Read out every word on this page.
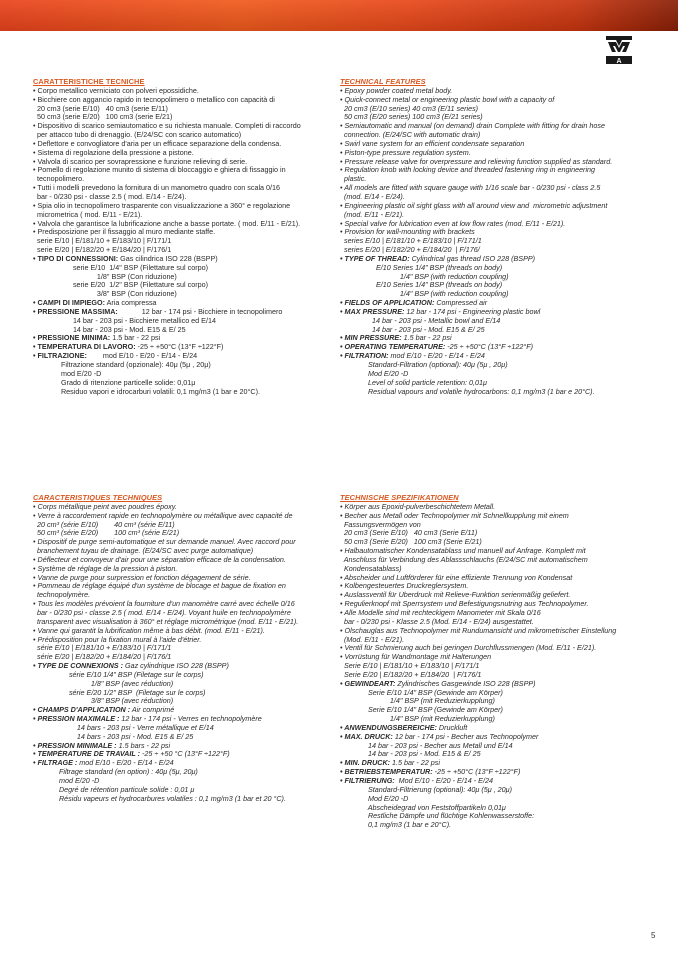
A
CARATTERISTICHE TECNICHE
• Corpo metallico verniciato con polveri epossidiche.
• Bicchiere con aggancio rapido in tecnopolimero o metallico con capacità di
20 cm3 (serie E/10)   40 cm3 (serie E/11)
50 cm3 (serie E/20)   100 cm3 (serie E/21)
• Dispositivo di scarico semiautomatico e su richiesta manuale. Completi di raccordo
per attacco tubo di drenaggio. (E/24/SC con scarico automatico)
• Deflettore e convogliatore d'aria per un efficace separazione della condensa.
• Sistema di regolazione della pressione a pistone.
• Valvola di scarico per sovrapressione e funzione relieving di serie.
• Pomello di regolazione munito di sistema di bloccaggio e ghiera di fissaggio in
tecnopolimero.
• Tutti i modelli prevedono la fornitura di un manometro quadro con scala 0/16
bar - 0/230 psi - classe 2.5 ( mod. E/14 - E/24).
• Spia olio in tecnopolimero trasparente con visualizzazione a 360° e regolazione
micrometrica ( mod. E/11 - E/21).
• Valvola che garantisce la lubrificazione anche a basse portate. ( mod. E/11 - E/21).
• Predisposizione per il fissaggio al muro mediante staffe.
serie E/10 | E/181/10 + E/183/10 | F/171/1
serie E/20 | E/182/20 + E/184/20 | F/176/1
• TIPO DI CONNESSIONI: Gas cilindrica ISO 228 (BSPP)
serie E/10  1/4" BSP (Filettature sul corpo)
1/8" BSP (Con riduzione)
serie E/20  1/2" BSP (Filettature sul corpo)
3/8" BSP (Con riduzione)
• CAMPI DI IMPIEGO: Aria compressa
• PRESSIONE MASSIMA:            12 bar - 174 psi - Bicchiere in tecnopolimero
14 bar - 203 psi - Bicchiere metallico ed E/14
14 bar - 203 psi - Mod. E15 & E/ 25
• PRESSIONE MINIMA: 1.5 bar - 22 psi
• TEMPERATURA DI LAVORO: -25 ÷ +50°C (13°F ÷122°F)
• FILTRAZIONE:        mod E/10 - E/20 - E/14 - E/24
Filtrazione standard (opzionale): 40μ (5μ , 20μ)
mod E/20 -D
Grado di ritenzione particelle solide: 0,01μ
Residuo vapori e idrocarburi volatili: 0,1 mg/m3 (1 bar e 20°C).
TECHNICAL FEATURES
• Epoxy powder coated metal body.
• Quick-connect metal or engineering plastic bowl with a capacity of
20 cm3 (E/10 series) 40 cm3 (E/11 series)
50 cm3 (E/20 series) 100 cm3 (E/21 series)
• Semiautomatic and manual (on demand) drain Complete with fitting for drain hose
connection. (E/24/SC with automatic drain)
• Swirl vane system for an efficient condensate separation
• Piston-type pressure regulation system.
• Pressure release valve for overpressure and relieving function supplied as standard.
• Regulation knob with locking device and threaded fastening ring in engineering
plastic.
• All models are fitted with square gauge with 1/16 scale bar - 0/230 psi - class 2.5
(mod. E/14 - E/24).
• Engineering plastic oil sight glass with all around view and  micrometric adjustment
(mod. E/11 - E/21).
• Special valve for lubrication even at low flow rates (mod. E/11 - E/21).
• Provision for wall-mounting with brackets
series E/10 | E/181/10 + E/183/10 | F/171/1
series E/20 | E/182/20 + E/184/20  | F/176/
• TYPE OF THREAD: Cylindrical gas thread ISO 228 (BSPP)
E/10 Series 1/4" BSP (threads on body)
1/4" BSP (with reduction coupling)
E/10 Series 1/4" BSP (threads on body)
1/4" BSP (with reduction coupling)
• FIELDS OF APPLICATION: Compressed air
• MAX PRESSURE: 12 bar - 174 psi - Engineering plastic bowl
14 bar - 203 psi - Metallic bowl and E/14
14 bar - 203 psi - Mod. E15 & E/ 25
• MIN PRESSURE: 1.5 bar - 22 psi
• OPERATING TEMPERATURE: -25 ÷ +50°C (13°F ÷122°F)
• FILTRATION: mod E/10 - E/20 - E/14 - E/24
Standard-Filtration (optional): 40μ (5μ , 20μ)
Mod E/20 -D
Level of solid particle retention: 0,01μ
Residual vapours and volatile hydrocarbons: 0,1 mg/m3 (1 bar e 20°C).
CARACTERISTIQUES TECHNIQUES
• Corps métallique peint avec poudres époxy.
• Verre à raccordement rapide en technopolymère ou métallique avec capacité de
20 cm³ (série E/10)        40 cm³ (série E/11)
50 cm³ (série E/20)        100 cm³ (série E/21)
• Dispositif de purge semi-automatique et sur demande manuel. Avec raccord pour
branchement tuyau de drainage. (E/24/SC avec purge automatique)
• Déflecteur et convoyeur d'air pour une séparation efficace de la condensation.
• Système de réglage de la pression à piston.
• Vanne de purge pour surpression et fonction dégagement de série.
• Pommeau de réglage équipé d'un système de blocage et bague de fixation en
technopolymère.
• Tous les modèles prévoient la fourniture d'un manomètre carré avec échelle 0/16
bar - 0/230 psi - classe 2.5 ( mod. E/14 - E/24). Voyant huile en technopolymère
transparent avec visualisation à 360° et réglage micrométrique (mod. E/11 - E/21).
• Vanne qui garantit la lubrification même à bas débit. (mod. E/11 - E/21).
• Prédisposition pour la fixation mural à l'aide d'étrier.
série E/10 | E/181/10 + E/183/10 | F/171/1
série E/20 | E/182/20 + E/184/20 | F/176/1
• TYPE DE CONNEXIONS : Gaz cylindrique ISO 228 (BSPP)
série E/10 1/4" BSP (Filetage sur le corps)
1/8" BSP (avec réduction)
série E/20 1/2" BSP  (Filetage sur le corps)
3/8" BSP (avec réduction)
• CHAMPS D'APPLICATION : Air comprimé
• PRESSION MAXIMALE : 12 bar - 174 psi - Verres en technopolymère
14 bars - 203 psi - Verre métallique et E/14
14 bars - 203 psi - Mod. E15 & E/ 25
• PRESSION MINIMALE : 1.5 bars - 22 psi
• TEMPÉRATURE DE TRAVAIL : -25 ÷ +50 °C (13°F ÷122°F)
• FILTRAGE : mod E/10 - E/20 - E/14 - E/24
Filtrage standard (en option) : 40μ (5μ, 20μ)
mod E/20 -D
Degré de rétention particule solide : 0,01 μ
Résidu vapeurs et hydrocarbures volatiles : 0,1 mg/m3 (1 bar et 20 °C).
TECHNISCHE SPEZIFIKATIONEN
• Körper aus Epoxid-pulverbeschichtetem Metall.
• Becher aus Metall oder Technopolymer mit Schnellkupplung mit einem
Fassungsvermögen von
20 cm3 (Serie E/10)   40 cm3 (Serie E/11)
50 cm3 (Serie E/20)   100 cm3 (Serie E/21)
• Halbautomatischer Kondensatablass und manuell auf Anfrage. Komplett mit
Anschluss für Verbindung des Ablassschlauchs (E/24/SC mit automatischem
Kondensatablass)
• Abscheider und Luftförderer für eine effiziente Trennung von Kondensat
• Kolbengesteuertes Druckreglersystem.
• Auslassventil für Überdruck mit Relieve-Funktion serienmäßig geliefert.
• Regulierknopf mit Sperrsystem und Befestigungsnutring aus Technopolymer.
• Alle Modelle sind mit rechteckigem Manometer mit Skala 0/16
bar - 0/230 psi - Klasse 2.5 (Mod. E/14 - E/24) ausgestattet.
• Ölschauglas aus Technopolymer mit Rundumansicht und mikrometrischer Einstellung
(Mod. E/11 - E/21).
• Ventil für Schmierung auch bei geringen Durchflussmengen (Mod. E/11 - E/21).
• Vorrüstung für Wandmontage mit Halterungen
Serie E/10 | E/181/10 + E/183/10 | F/171/1
Serie E/20 | E/182/20 + E/184/20  | F/176/1
• GEWINDEART: Zylindrisches Gasgewinde ISO 228 (BSPP)
Serie E/10 1/4" BSP (Gewinde am Körper)
1/4" BSP (mit Reduzierkupplung)
Serie E/10 1/4" BSP (Gewinde am Körper)
1/4" BSP (mit Reduzierkupplung)
• ANWENDUNGSBEREICHE: Druckluft
• MAX. DRUCK: 12 bar - 174 psi - Becher aus Technopolymer
14 bar - 203 psi - Becher aus Metall und E/14
14 bar - 203 psi - Mod. E15 & E/ 25
• MIN. DRUCK: 1.5 bar - 22 psi
• BETRIEBSTEMPERATUR: -25 ÷ +50°C (13°F ÷122°F)
• FILTRIERUNG:  Mod E/10 - E/20 - E/14 - E/24
Standard-Filtrierung (optional): 40μ (5μ , 20μ)
Mod E/20 -D
Abscheidegrad von Feststoffpartikeln 0,01μ
Restliche Dämpfe und flüchtige Kohlenwasserstoffe:
0,1 mg/m3 (1 bar e 20°C).
5
